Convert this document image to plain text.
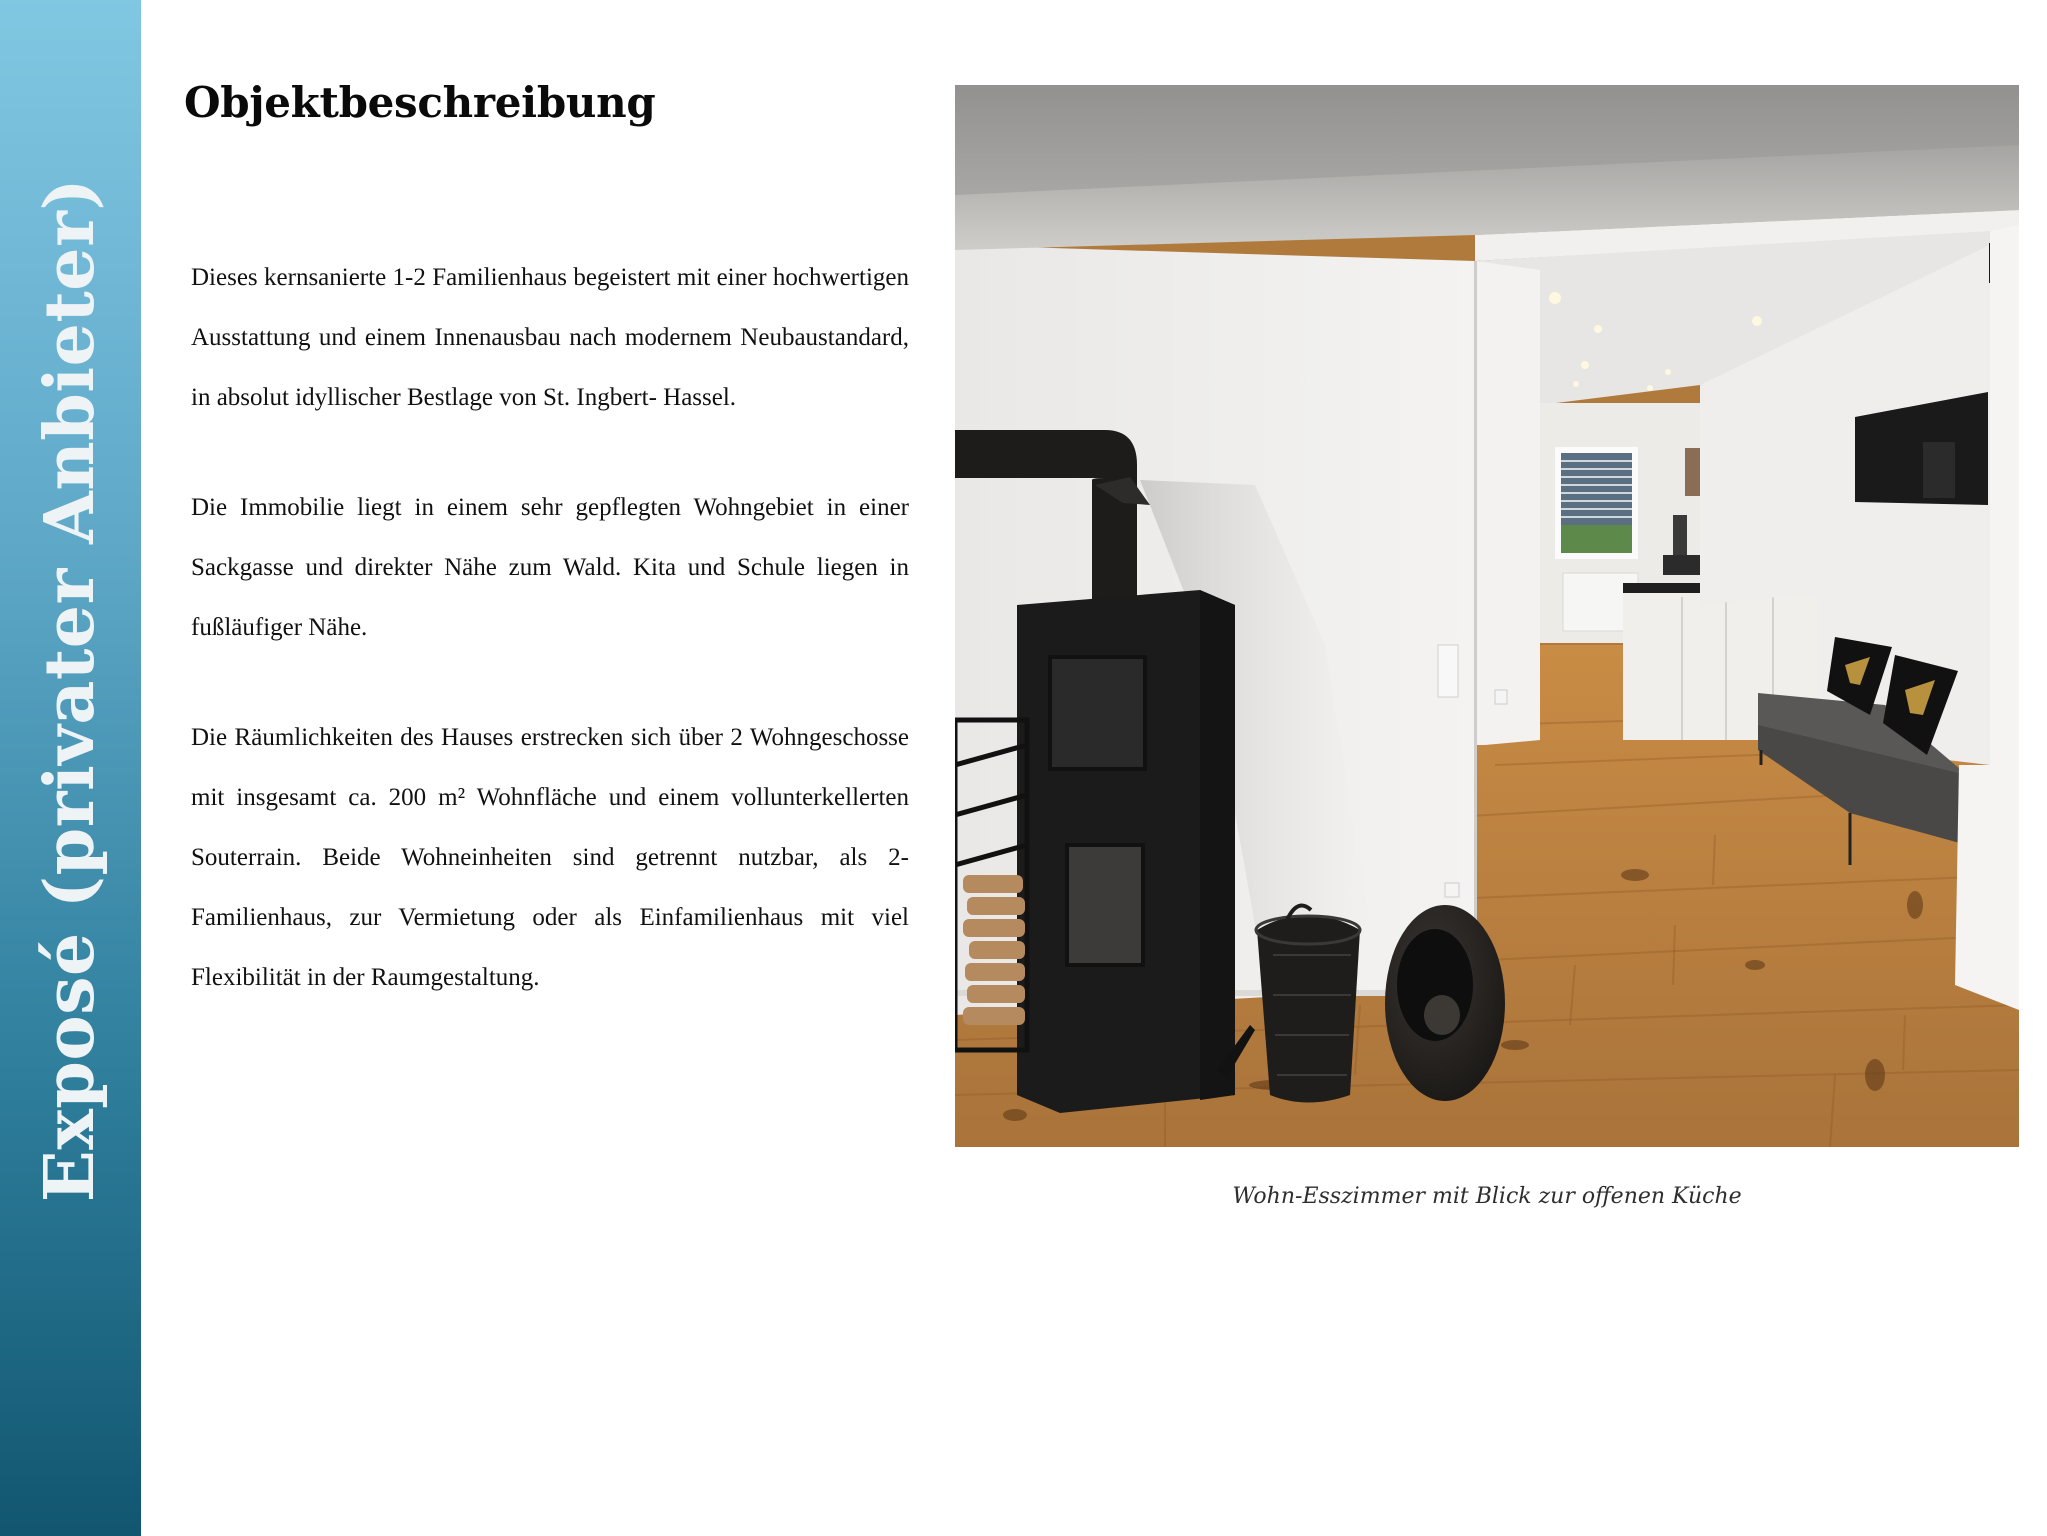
Exposé (privater Anbieter)
Objektbeschreibung

Dieses kernsanierte 1-2 Familienhaus begeistert mit einer hochwertigen Ausstattung und einem Innenausbau nach modernem Neubaustandard, in absolut idyllischer Bestlage von St. Ingbert- Hassel.

Die Immobilie liegt in einem sehr gepflegten Wohngebiet in einer Sackgasse und direkter Nähe zum Wald. Kita und Schule liegen in fußläufiger Nähe.

Die Räumlichkeiten des Hauses erstrecken sich über 2 Wohngeschosse mit insgesamt ca. 200 m² Wohnfläche und einem vollunterkellerten Souterrain. Beide Wohneinheiten sind getrennt nutzbar, als 2-Familienhaus, zur Vermietung oder als Einfamilienhaus mit viel Flexibilität in der Raumgestaltung.

Wohn-Esszimmer mit Blick zur offenen Küche
